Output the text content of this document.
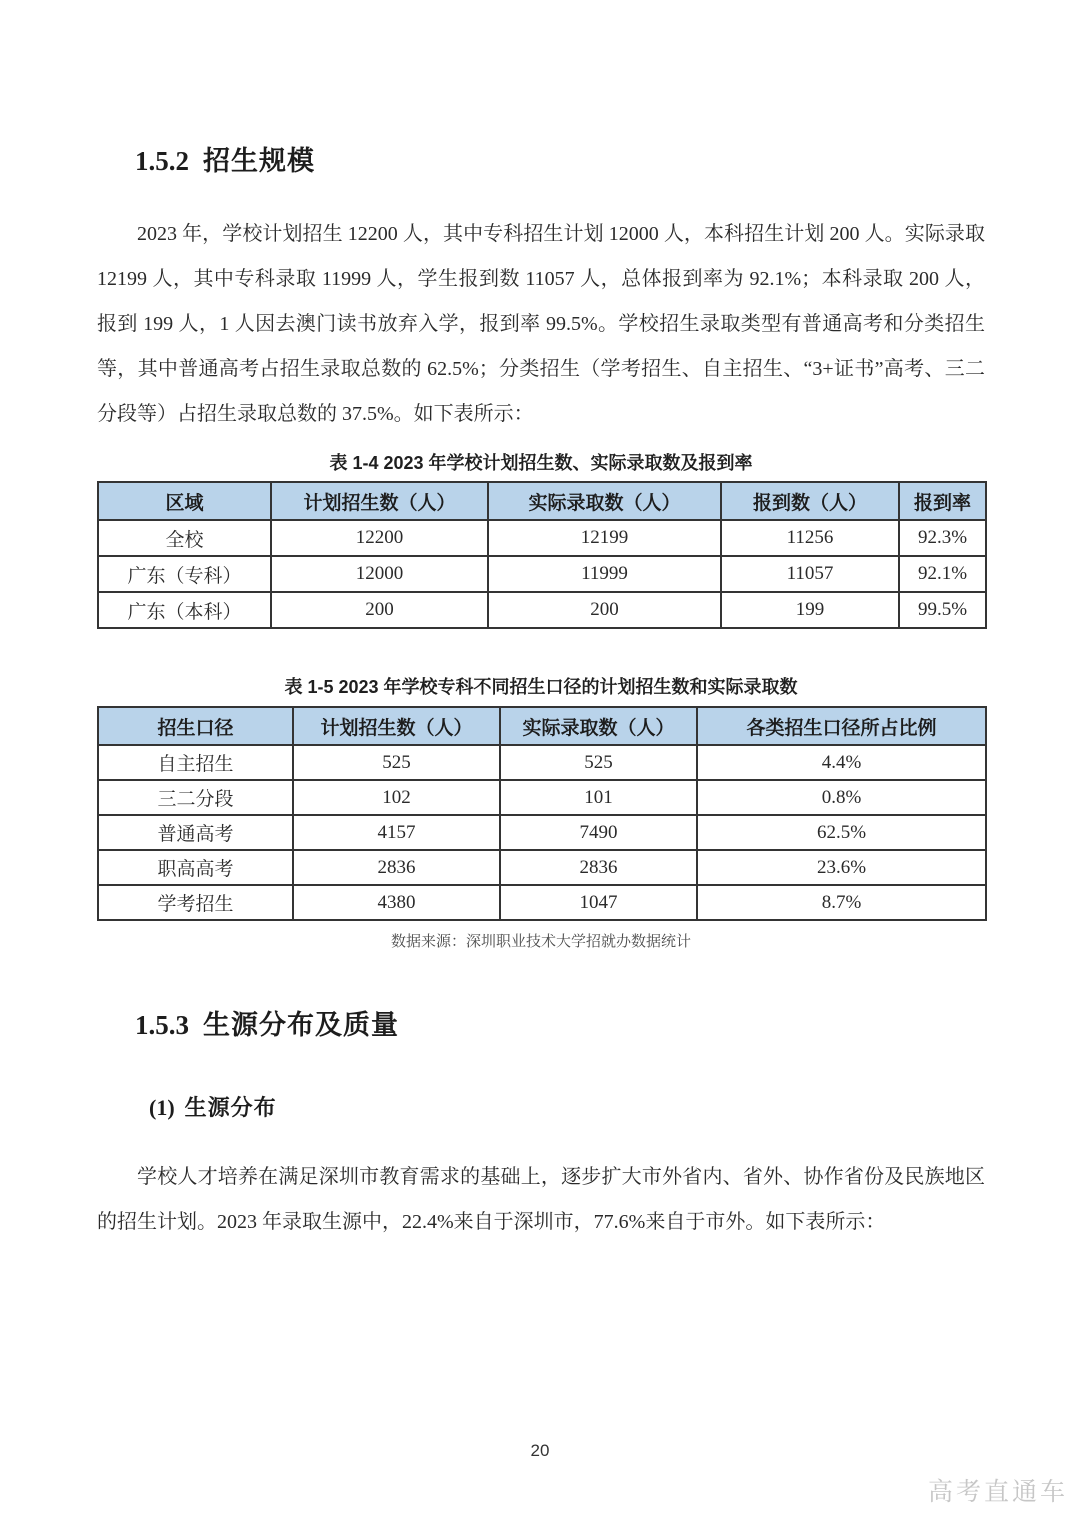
1.5.2 招生规模

2023 年，学校计划招生 12200 人，其中专科招生计划 12000 人，本科招生计划 200 人。实际录取 12199 人，其中专科录取 11999 人，学生报到数 11057 人，总体报到率为 92.1%；本科录取 200 人，报到 199 人，1 人因去澳门读书放弃入学，报到率 99.5%。学校招生录取类型有普通高考和分类招生等，其中普通高考占招生录取总数的 62.5%；分类招生（学考招生、自主招生、“3+证书”高考、三二分段等）占招生录取总数的 37.5%。如下表所示：

表 1-4 2023 年学校计划招生数、实际录取数及报到率
区域	计划招生数（人）	实际录取数（人）	报到数（人）	报到率
全校	12200	12199	11256	92.3%
广东（专科）	12000	11999	11057	92.1%
广东（本科）	200	200	199	99.5%
表 1-5 2023 年学校专科不同招生口径的计划招生数和实际录取数
招生口径	计划招生数（人）	实际录取数（人）	各类招生口径所占比例
自主招生	525	525	4.4%
三二分段	102	101	0.8%
普通高考	4157	7490	62.5%
职高高考	2836	2836	23.6%
学考招生	4380	1047	8.7%
数据来源：深圳职业技术大学招就办数据统计
1.5.3 生源分布及质量
(1) 生源分布

学校人才培养在满足深圳市教育需求的基础上，逐步扩大市外省内、省外、协作省份及民族地区的招生计划。2023 年录取生源中，22.4%来自于深圳市，77.6%来自于市外。如下表所示：

20
高考直通车
